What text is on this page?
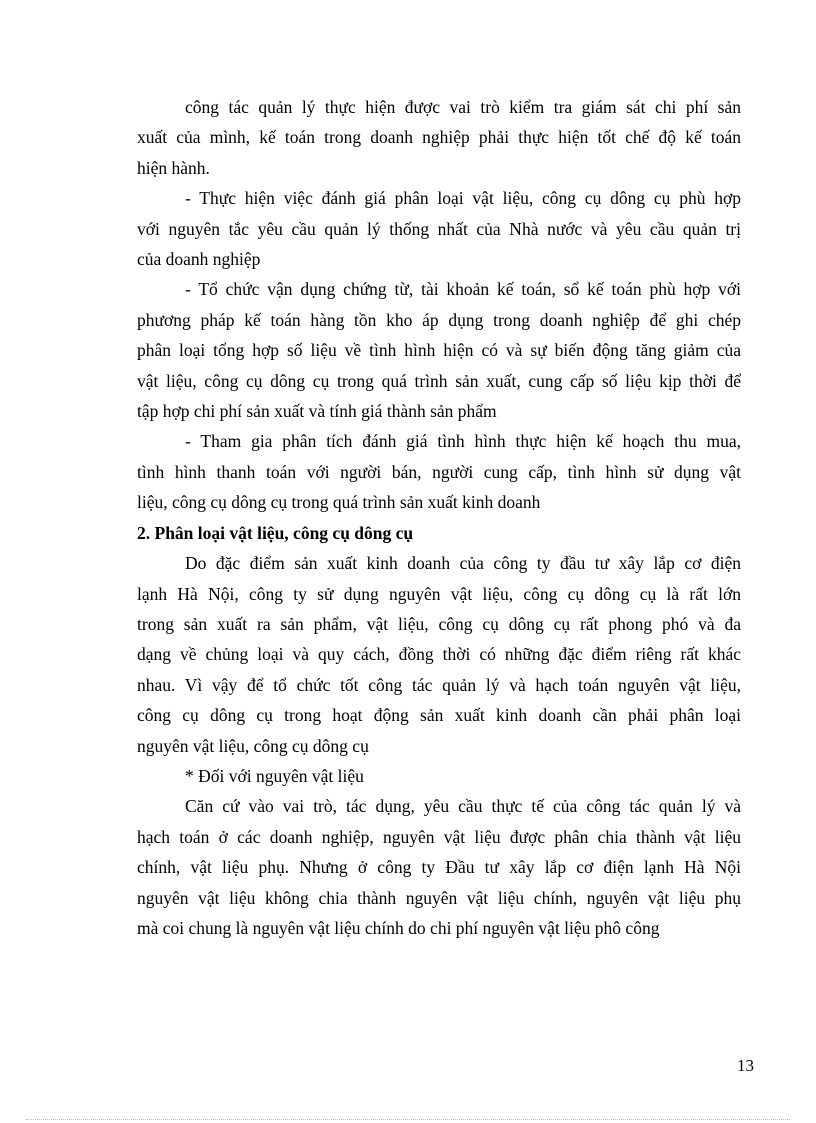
công tác quản lý thực hiện được vai trò kiểm tra giám sát chi phí sản
xuất của mình, kế toán trong doanh nghiệp phải thực hiện tốt chế độ kế toán
hiện hành.
- Thực hiện việc đánh giá phân loại vật liệu, công cụ dông cụ phù hợp
với nguyên tắc yêu cầu quản lý thống nhất của Nhà nước và yêu cầu quản trị
của doanh nghiệp
- Tổ chức vận dụng chứng từ, tài khoản kế toán, sổ kế toán phù hợp với
phương pháp kế toán hàng tồn kho áp dụng trong doanh nghiệp để ghi chép
phân loại tổng hợp số liệu về tình hình hiện có và sự biến động tăng giảm của
vật liệu, công cụ dông cụ trong quá trình sản xuất, cung cấp số liệu kịp thời để
tập hợp chi phí sản xuất và tính giá thành sản phẩm
- Tham gia phân tích đánh giá tình hình thực hiện kế hoạch thu mua,
tình hình thanh toán với người bán, người cung cấp, tình hình sử dụng vật
liệu, công cụ dông cụ trong quá trình sản xuất kinh doanh
2. Phân loại vật liệu, công cụ dông cụ
Do đặc điểm sản xuất kinh doanh của công ty đầu tư xây lắp cơ điện
lạnh Hà Nội, công ty sử dụng nguyên vật liệu, công cụ dông cụ là rất lớn
trong sản xuất ra sản phẩm, vật liệu, công cụ dông cụ rất phong phó và đa
dạng về chủng loại và quy cách, đồng thời có những đặc điểm riêng rất khác
nhau. Vì vậy để tổ chức tốt công tác quản lý và hạch toán nguyên vật liệu,
công cụ dông cụ trong hoạt động sản xuất kinh doanh cần phải phân loại
nguyên vật liệu, công cụ dông cụ
* Đối với nguyên vật liệu
Căn cứ vào vai trò, tác dụng, yêu cầu thực tế của công tác quản lý và
hạch toán ở các doanh nghiệp, nguyên vật liệu được phân chia thành vật liệu
chính, vật liệu phụ. Nhưng ở công ty Đầu tư xây lắp cơ điện lạnh Hà Nội
nguyên vật liệu không chia thành nguyên vật liệu chính, nguyên vật liệu phụ
mà coi chung là nguyên vật liệu chính do chi phí nguyên vật liệu phô công
13
